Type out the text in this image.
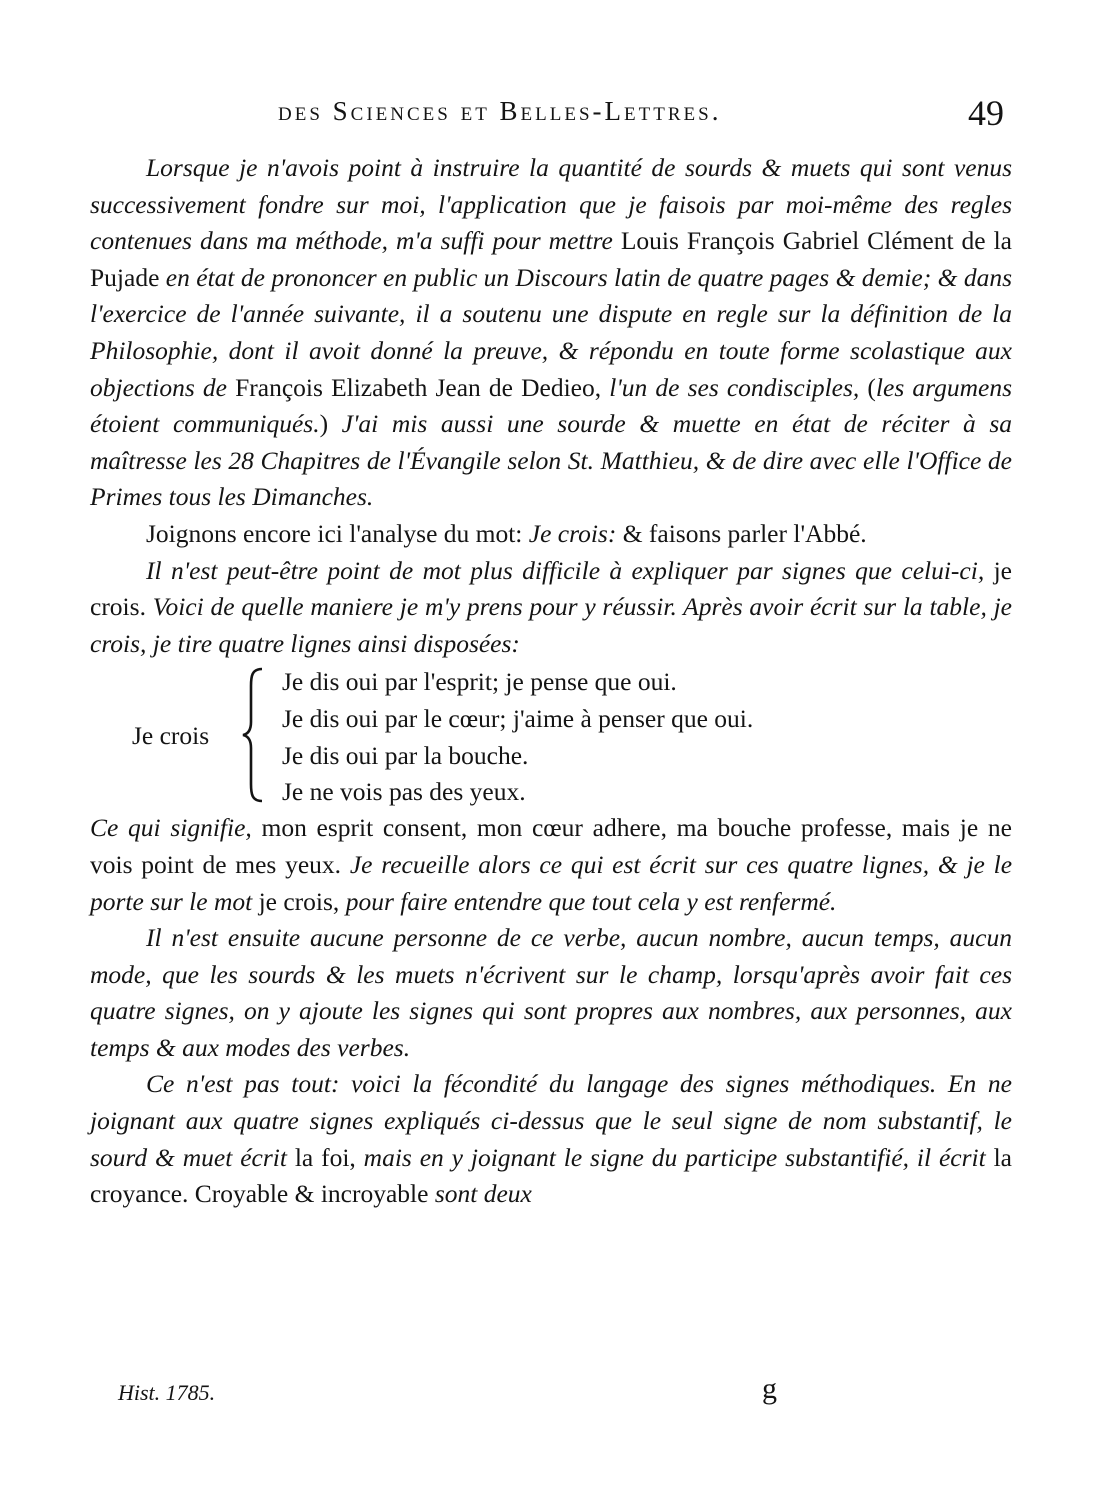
des Sciences et Belles-Lettres.	49

Lorsque je n'avois point à instruire la quantité de sourds & muets qui sont venus successivement fondre sur moi, l'application que je faisois par moi-même des regles contenues dans ma méthode, m'a suffi pour mettre Louis François Gabriel Clément de la Pujade en état de prononcer en public un Discours latin de quatre pages & demie; & dans l'exercice de l'année suivante, il a soutenu une dispute en regle sur la définition de la Philosophie, dont il avoit donné la preuve, & répondu en toute forme scolastique aux objections de François Elizabeth Jean de Dedieo, l'un de ses condisciples, (les argumens étoient communiqués.) J'ai mis aussi une sourde & muette en état de réciter à sa maîtresse les 28 Chapitres de l'Évangile selon St. Matthieu, & de dire avec elle l'Office de Primes tous les Dimanches.

Joignons encore ici l'analyse du mot: Je crois: & faisons parler l'Abbé.

Il n'est peut-être point de mot plus difficile à expliquer par signes que celui-ci, je crois. Voici de quelle maniere je m'y prens pour y réussir. Après avoir écrit sur la table, je crois, je tire quatre lignes ainsi disposées:

Je crois
Je dis oui par l'esprit; je pense que oui.
Je dis oui par le cœur; j'aime à penser que oui.
Je dis oui par la bouche.
Je ne vois pas des yeux.

Ce qui signifie, mon esprit consent, mon cœur adhere, ma bouche professe, mais je ne vois point de mes yeux. Je recueille alors ce qui est écrit sur ces quatre lignes, & je le porte sur le mot je crois, pour faire entendre que tout cela y est renfermé.

Il n'est ensuite aucune personne de ce verbe, aucun nombre, aucun temps, aucun mode, que les sourds & les muets n'écrivent sur le champ, lorsqu'après avoir fait ces quatre signes, on y ajoute les signes qui sont propres aux nombres, aux personnes, aux temps & aux modes des verbes.

Ce n'est pas tout: voici la fécondité du langage des signes méthodiques. En ne joignant aux quatre signes expliqués ci-dessus que le seul signe de nom substantif, le sourd & muet écrit la foi, mais en y joignant le signe du participe substantifié, il écrit la croyance. Croyable & incroyable sont deux

Hist. 1785.	g
